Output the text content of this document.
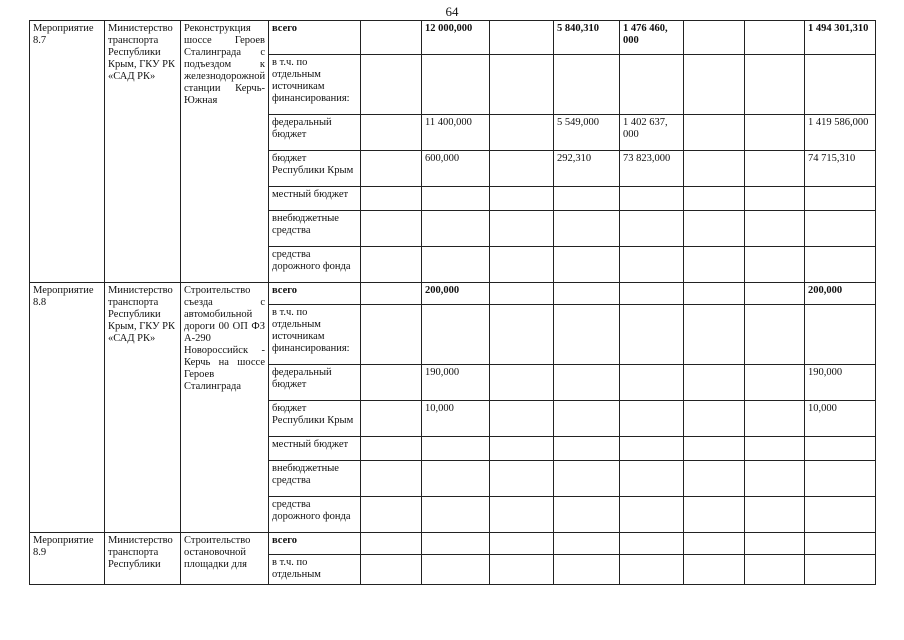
64
Мероприятие 8.7	Министерство транспорта Республики Крым, ГКУ РК «САД РК»	Реконструкция шоссе Героев Сталинграда с подъездом к железнодорожной станции Керчь-Южная	всего		12 000,000		5 840,310	1 476 460, 000			1 494 301,310
			в т.ч. по отдельным источникам финансирования:								
			федеральный бюджет		11 400,000		5 549,000	1 402 637, 000			1 419 586,000
			бюджет Республики Крым		600,000		292,310	73 823,000			74 715,310
			местный бюджет								
			внебюджетные средства								
			средства дорожного фонда								
Мероприятие 8.8	Министерство транспорта Республики Крым, ГКУ РК «САД РК»	Строительство съезда с автомобильной дороги 00 ОП ФЗ А-290 Новороссийск - Керчь на шоссе Героев Сталинграда	всего		200,000						200,000
			в т.ч. по отдельным источникам финансирования:								
			федеральный бюджет		190,000						190,000
			бюджет Республики Крым		10,000						10,000
			местный бюджет								
			внебюджетные средства								
			средства дорожного фонда								
Мероприятие 8.9	Министерство транспорта Республики	Строительство остановочной площадки для	всего								
			в т.ч. по отдельным								
